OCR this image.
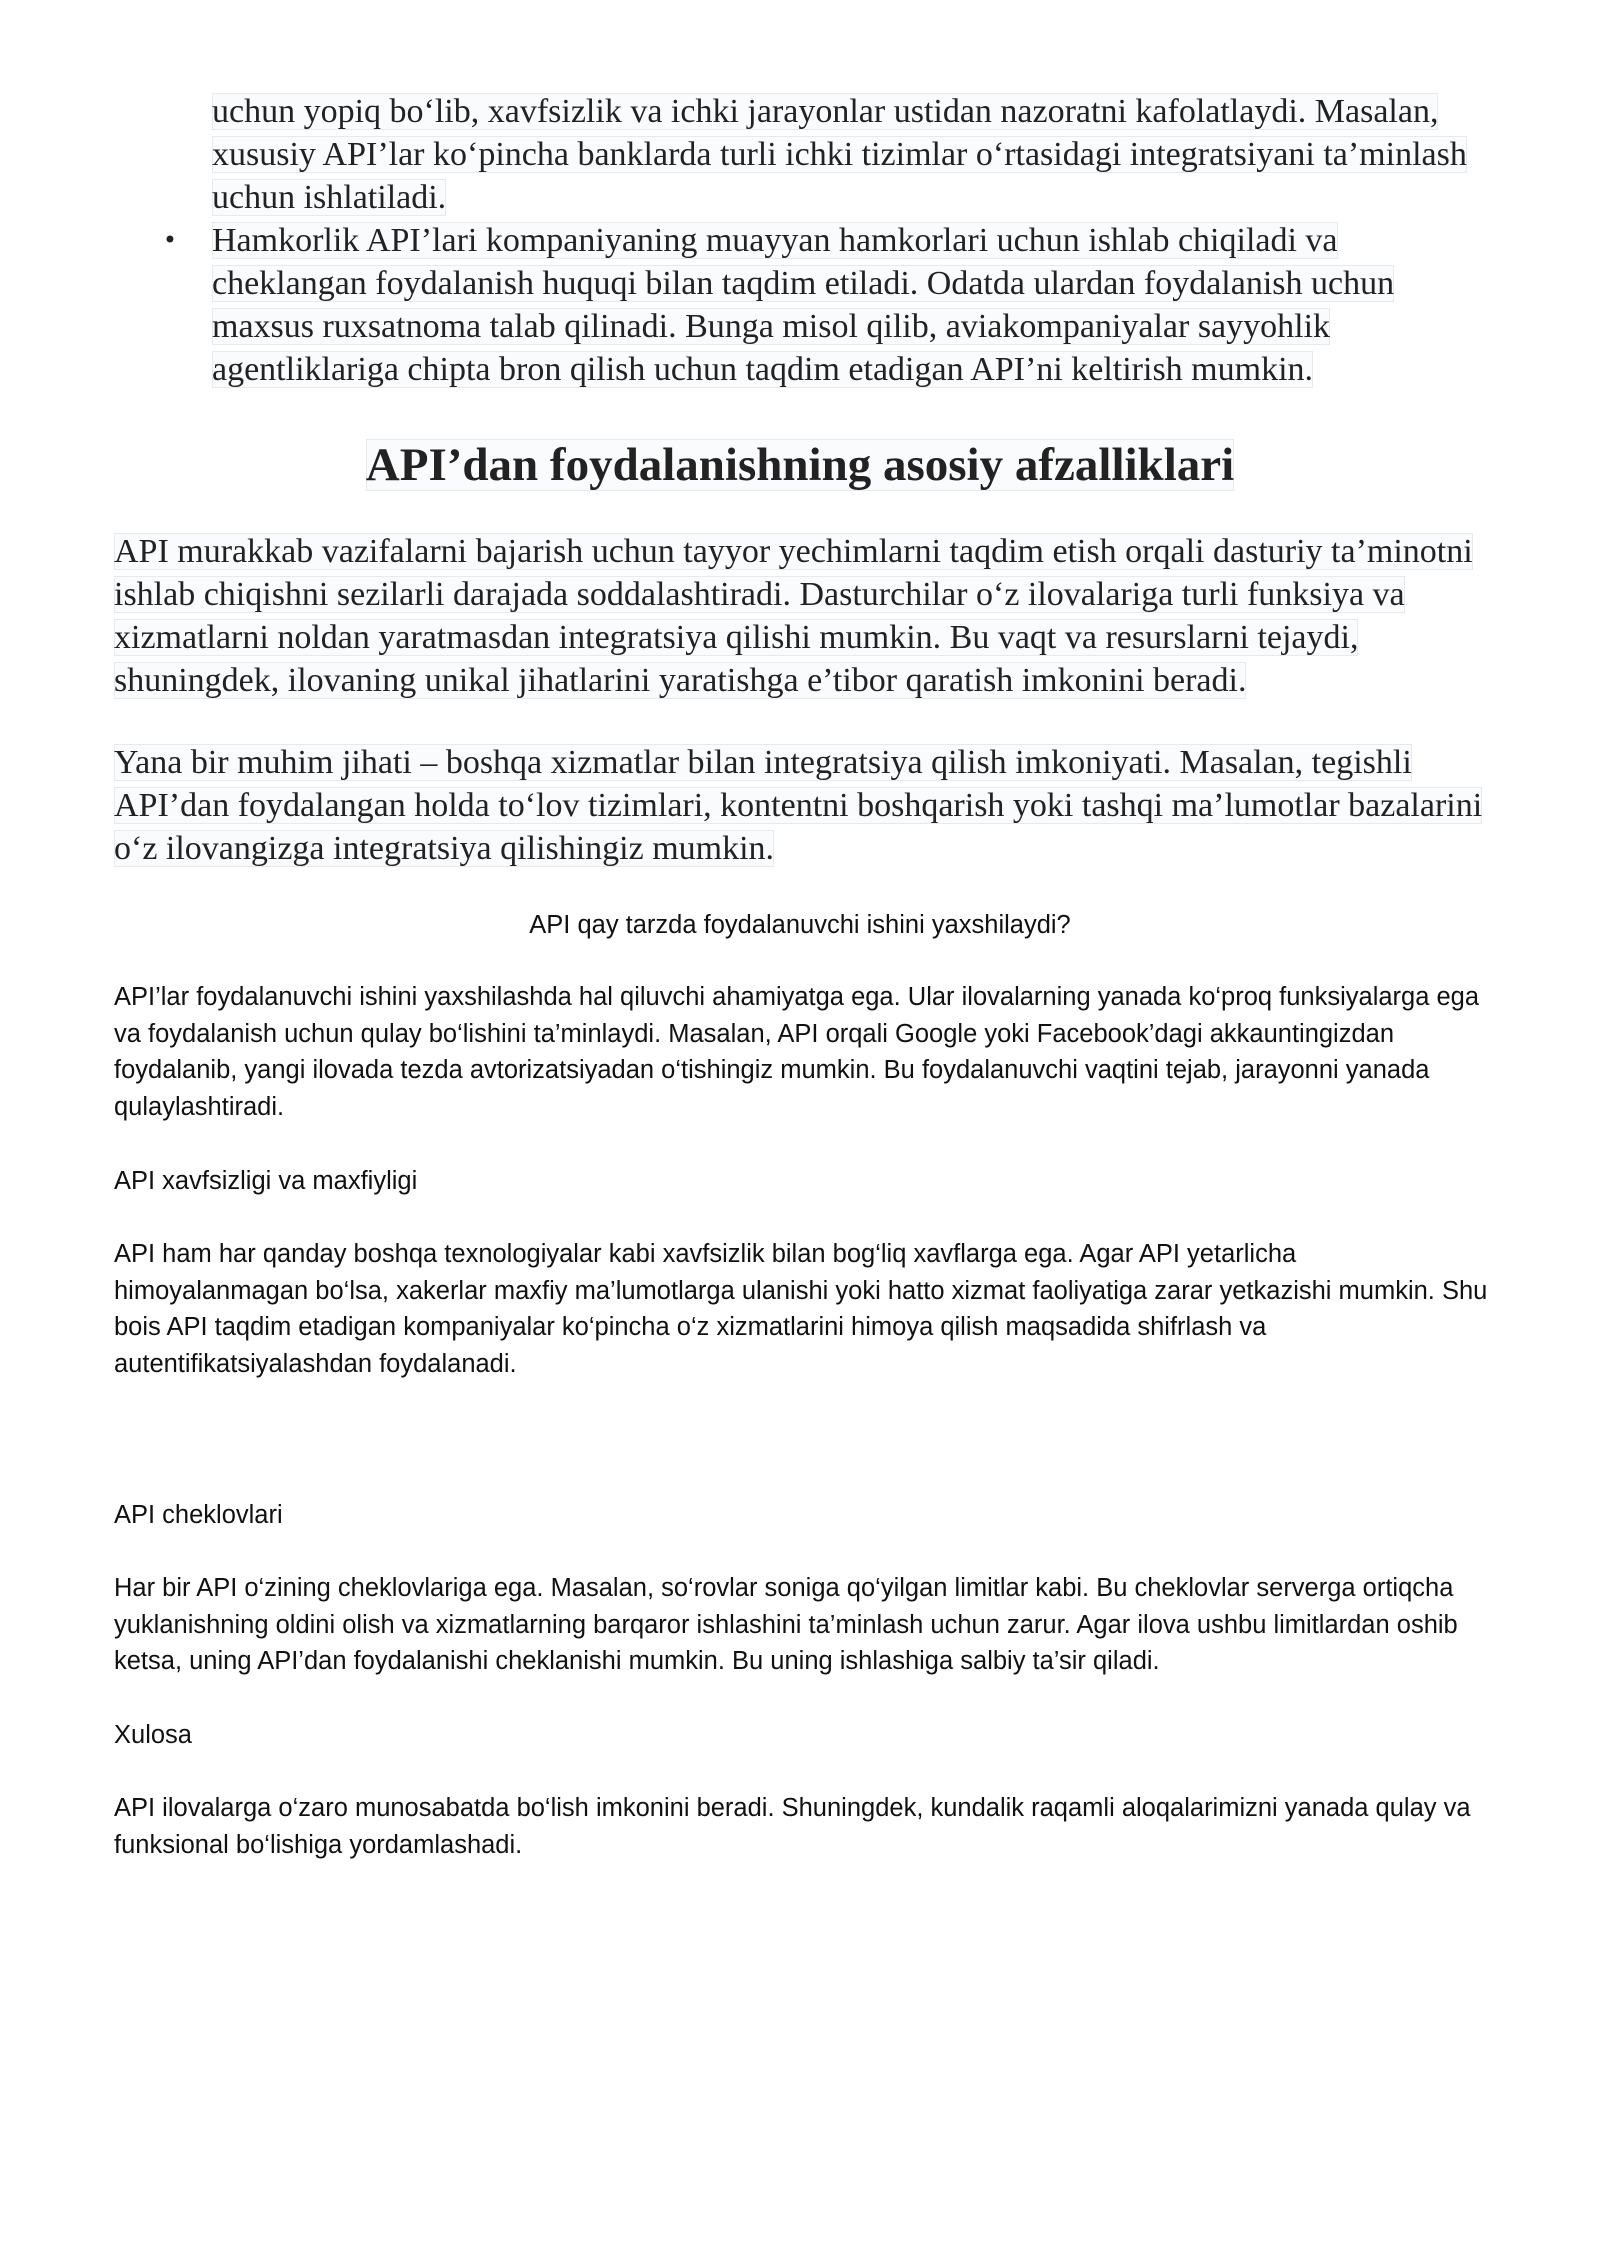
uchun yopiq bo‘lib, xavfsizlik va ichki jarayonlar ustidan nazoratni kafolatlaydi. Masalan, xususiy API’lar ko‘pincha banklarda turli ichki tizimlar o‘rtasidagi integratsiyani ta’minlash uchun ishlatiladi.
• Hamkorlik API’lari kompaniyaning muayyan hamkorlari uchun ishlab chiqiladi va cheklangan foydalanish huquqi bilan taqdim etiladi. Odatda ulardan foydalanish uchun maxsus ruxsatnoma talab qilinadi. Bunga misol qilib, aviakompaniyalar sayyohlik agentliklariga chipta bron qilish uchun taqdim etadigan API’ni keltirish mumkin.
API’dan foydalanishning asosiy afzalliklari

API murakkab vazifalarni bajarish uchun tayyor yechimlarni taqdim etish orqali dasturiy ta’minotni ishlab chiqishni sezilarli darajada soddalashtiradi. Dasturchilar o‘z ilovalariga turli funksiya va xizmatlarni noldan yaratmasdan integratsiya qilishi mumkin. Bu vaqt va resurslarni tejaydi, shuningdek, ilovaning unikal jihatlarini yaratishga e’tibor qaratish imkonini beradi.

Yana bir muhim jihati – boshqa xizmatlar bilan integratsiya qilish imkoniyati. Masalan, tegishli API’dan foydalangan holda to‘lov tizimlari, kontentni boshqarish yoki tashqi ma’lumotlar bazalarini o‘z ilovangizga integratsiya qilishingiz mumkin.

API qay tarzda foydalanuvchi ishini yaxshilaydi?

API’lar foydalanuvchi ishini yaxshilashda hal qiluvchi ahamiyatga ega. Ular ilovalarning yanada ko‘proq funksiyalarga ega va foydalanish uchun qulay bo‘lishini ta’minlaydi. Masalan, API orqali Google yoki Facebook’dagi akkauntingizdan foydalanib, yangi ilovada tezda avtorizatsiyadan o‘tishingiz mumkin. Bu foydalanuvchi vaqtini tejab, jarayonni yanada qulaylashtiradi.

API xavfsizligi va maxfiyligi

API ham har qanday boshqa texnologiyalar kabi xavfsizlik bilan bog‘liq xavflarga ega. Agar API yetarlicha himoyalanmagan bo‘lsa, xakerlar maxfiy ma’lumotlarga ulanishi yoki hatto xizmat faoliyatiga zarar yetkazishi mumkin. Shu bois API taqdim etadigan kompaniyalar ko‘pincha o‘z xizmatlarini himoya qilish maqsadida shifrlash va autentifikatsiyalashdan foydalanadi.

API cheklovlari

Har bir API o‘zining cheklovlariga ega. Masalan, so‘rovlar soniga qo‘yilgan limitlar kabi. Bu cheklovlar serverga ortiqcha yuklanishning oldini olish va xizmatlarning barqaror ishlashini ta’minlash uchun zarur. Agar ilova ushbu limitlardan oshib ketsa, uning API’dan foydalanishi cheklanishi mumkin. Bu uning ishlashiga salbiy ta’sir qiladi.

Xulosa

API ilovalarga o‘zaro munosabatda bo‘lish imkonini beradi. Shuningdek, kundalik raqamli aloqalarimizni yanada qulay va funksional bo‘lishiga yordamlashadi.
